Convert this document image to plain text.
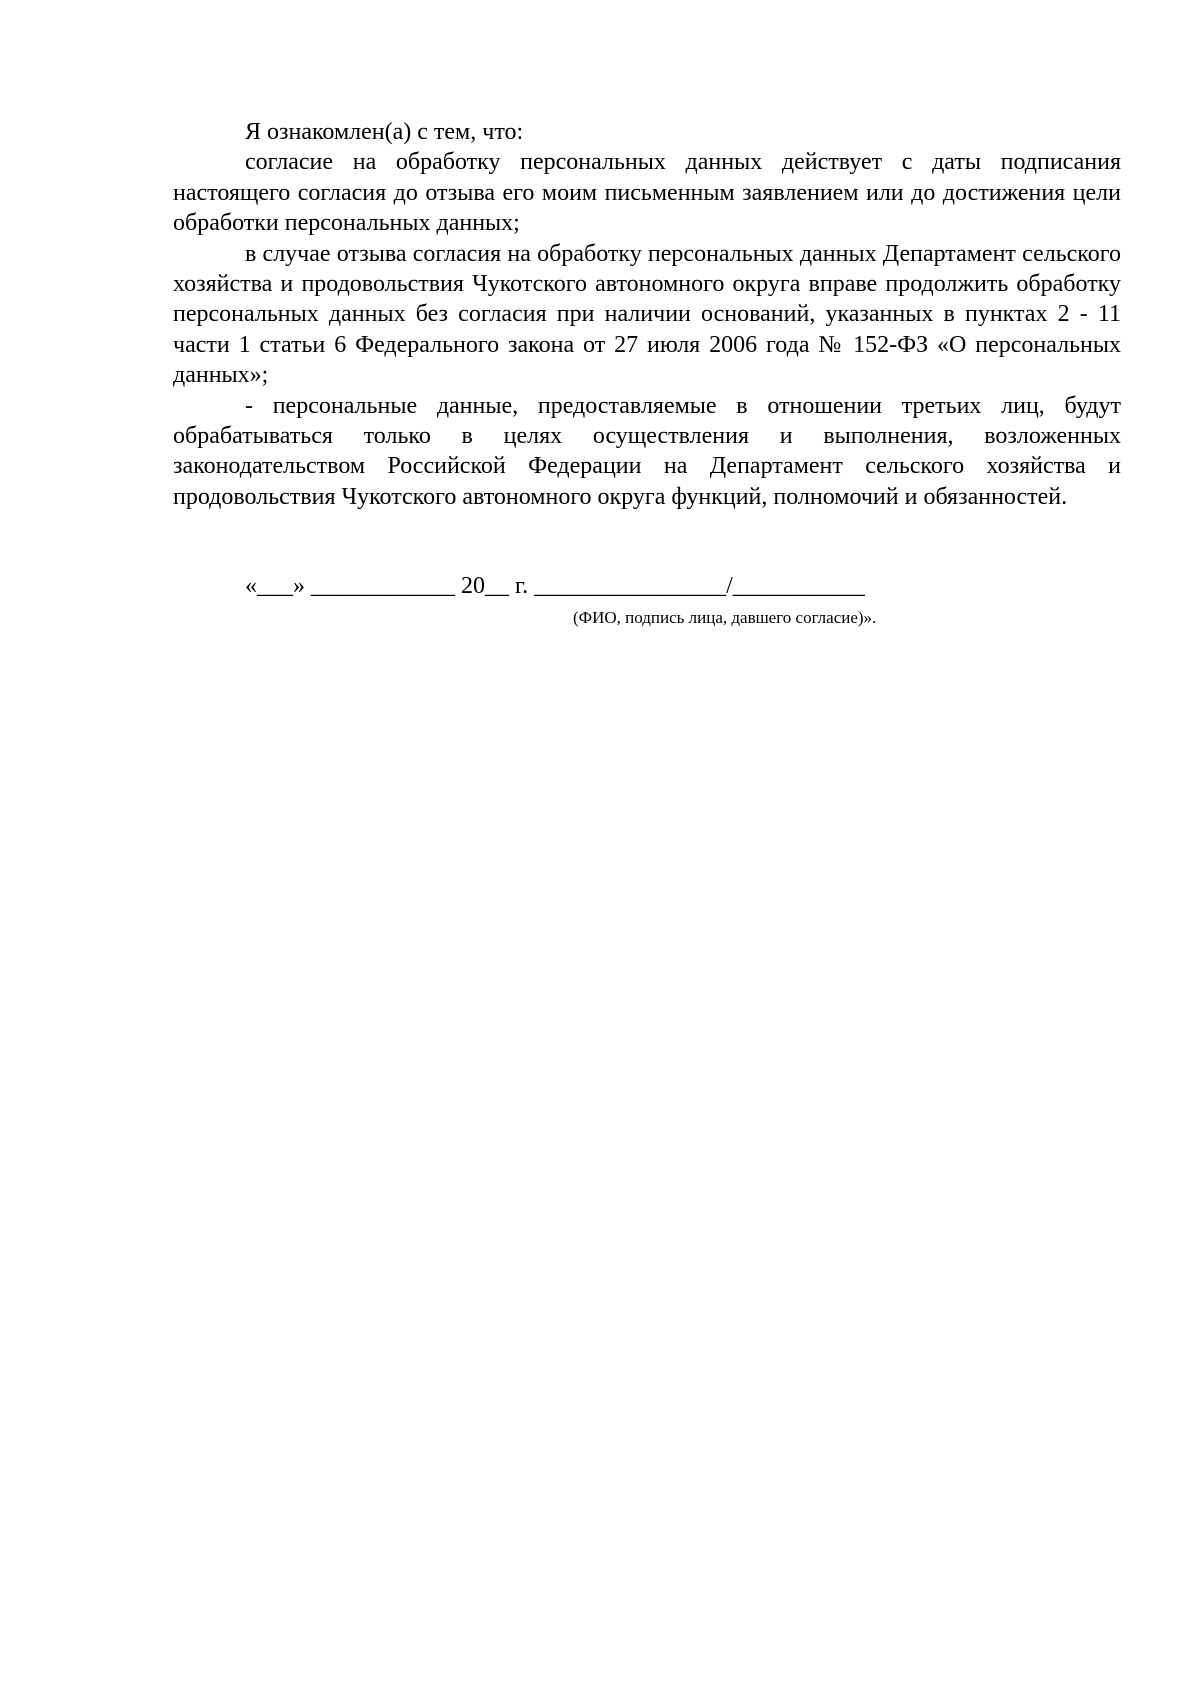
Я ознакомлен(а) с тем, что:

согласие на обработку персональных данных действует с даты подписания настоящего согласия до отзыва его моим письменным заявлением или до достижения цели обработки персональных данных;

в случае отзыва согласия на обработку персональных данных Департамент сельского хозяйства и продовольствия Чукотского автономного округа вправе продолжить обработку персональных данных без согласия при наличии оснований, указанных в пунктах 2 - 11 части 1 статьи 6 Федерального закона от 27 июля 2006 года № 152-ФЗ «О персональных данных»;

- персональные данные, предоставляемые в отношении третьих лиц, будут обрабатываться только в целях осуществления и выполнения, возложенных законодательством Российской Федерации на Департамент сельского хозяйства и продовольствия Чукотского автономного округа функций, полномочий и обязанностей.

«___» ____________ 20__ г. ________________/___________
(ФИО, подпись лица, давшего согласие)».
